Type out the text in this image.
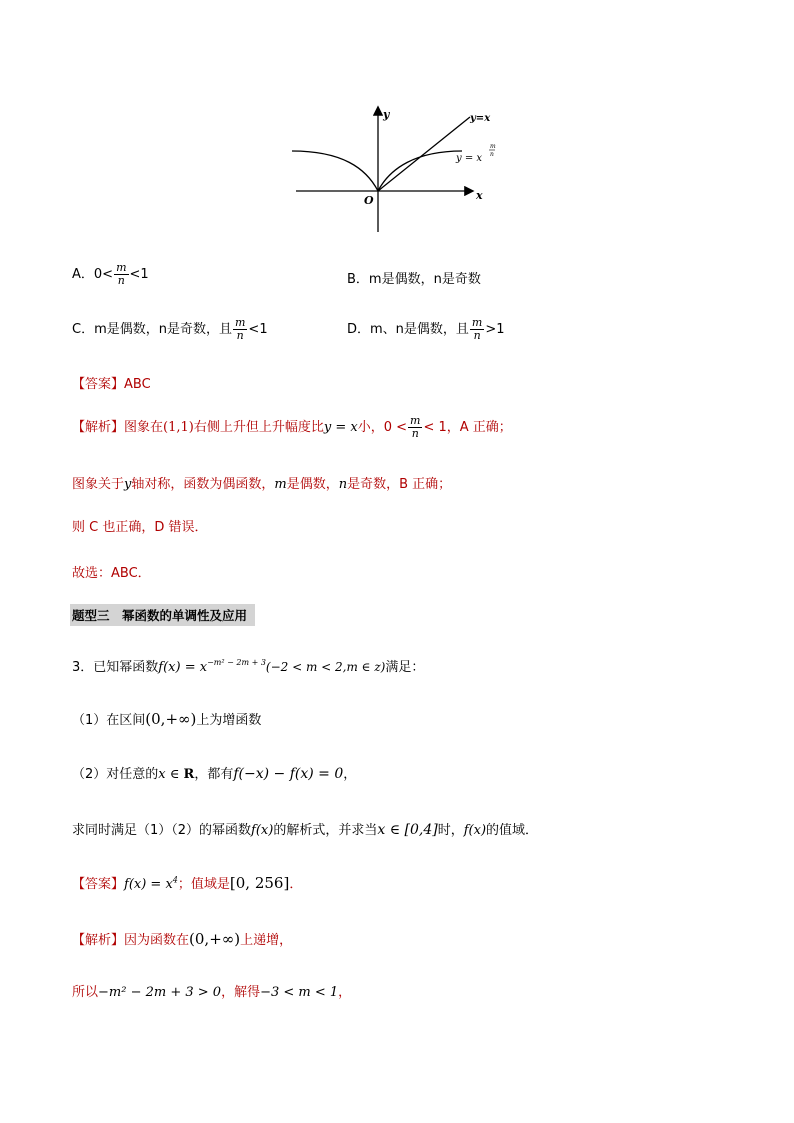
y
x
O
y=x
y = x
m
n
A．$0< \frac{m}{n} <1$	B．m是偶数，n是奇数
C．m是偶数，n是奇数，且 $\frac{m}{n} <1$	D．m、n是偶数，且 $\frac{m}{n} >1$
【答案】ABC
【解析】图象在(1,1)右侧上升但上升幅度比y = x小，$0 < \frac{m}{n} < 1$，A 正确；
图象关于y轴对称，函数为偶函数，m是偶数，n是奇数，B 正确；
则 C 也正确，D 错误．
故选：ABC．
题型三　幂函数的单调性及应用
3．已知幂函数$f(x) = x^{-m^2 - 2m + 3}(-2 < m < 2,m$ ∈ z)满足：
（1）在区间(0,+∞)上为增函数
（2）对任意的x ∈ R，都有f(−x) − f(x) = 0，
求同时满足（1）（2）的幂函数f(x)的解析式，并求当x ∈ [0,4]时，f(x)的值域．
【答案】$f(x) = x^4$；值域是[0, 256]．
【解析】因为函数在(0,+∞)上递增，
所以−m² − 2m + 3 > 0，解得−3 < m < 1，
